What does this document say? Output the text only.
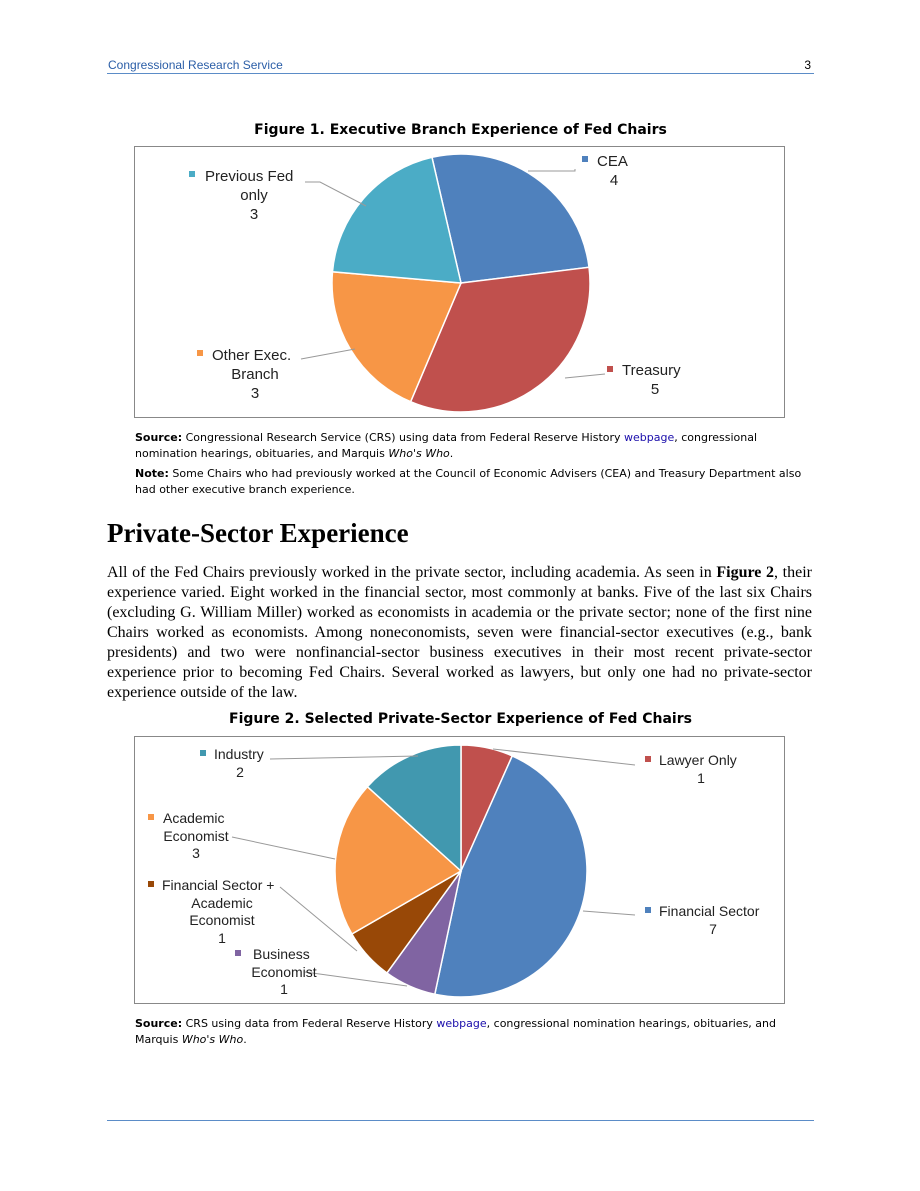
Congressional Research Service	3
Figure 1. Executive Branch Experience of Fed Chairs
CEA
4
Treasury
5
Other Exec.
Branch
3
Previous Fed
only
3
Source: Congressional Research Service (CRS) using data from Federal Reserve History webpage, congressional nomination hearings, obituaries, and Marquis Who's Who.
Note: Some Chairs who had previously worked at the Council of Economic Advisers (CEA) and Treasury Department also had other executive branch experience.
Private-Sector Experience
All of the Fed Chairs previously worked in the private sector, including academia. As seen in Figure 2, their experience varied. Eight worked in the financial sector, most commonly at banks. Five of the last six Chairs (excluding G. William Miller) worked as economists in academia or the private sector; none of the first nine Chairs worked as economists. Among noneconomists, seven were financial-sector executives (e.g., bank presidents) and two were nonfinancial-sector business executives in their most recent private-sector experience prior to becoming Fed Chairs. Several worked as lawyers, but only one had no private-sector experience outside of the law.
Figure 2. Selected Private-Sector Experience of Fed Chairs
Lawyer Only
1
Financial Sector
7
Business
Economist
1
Financial Sector +
Academic
Economist
1
Academic
Economist
3
Industry
2
Source: CRS using data from Federal Reserve History webpage, congressional nomination hearings, obituaries, and Marquis Who's Who.
